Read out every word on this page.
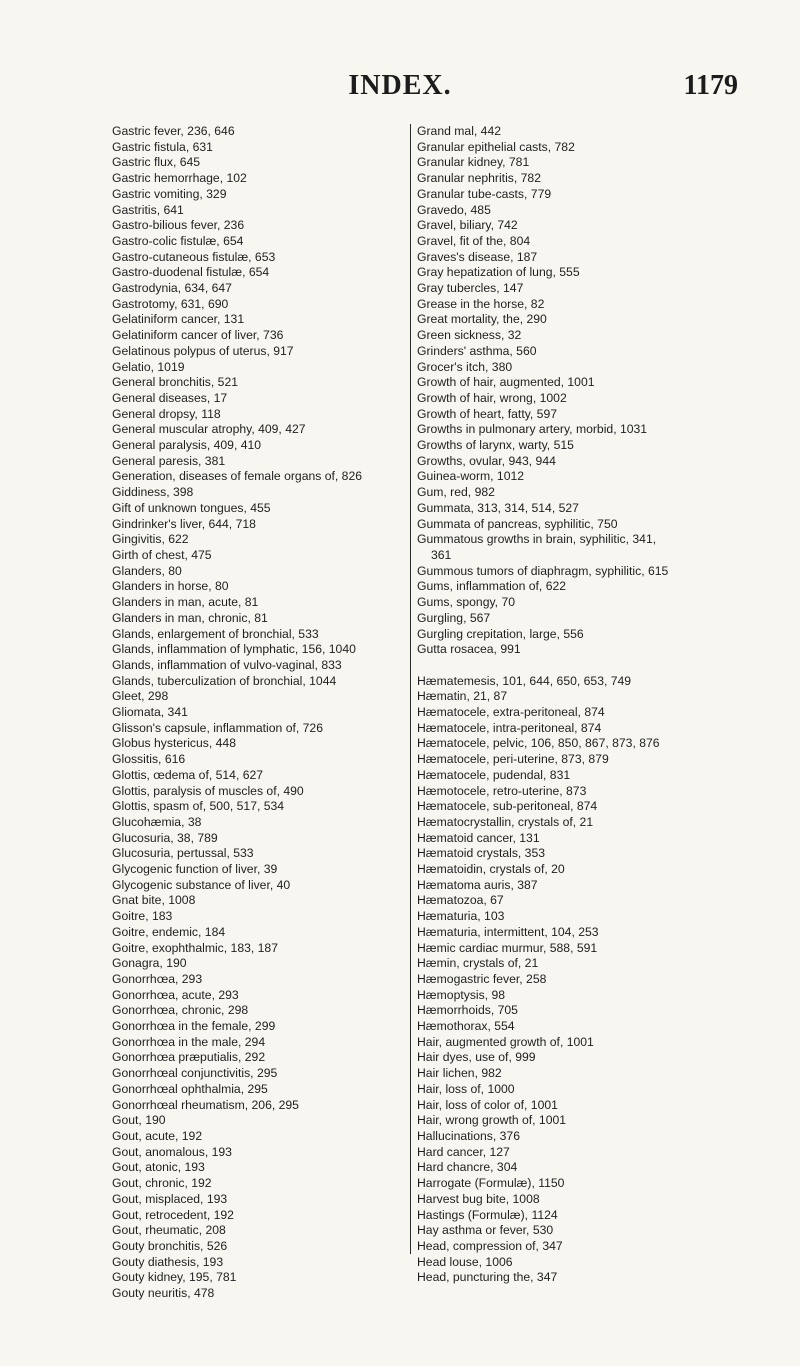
INDEX.	1179
Gastric fever, 236, 646
Gastric fistula, 631
Gastric flux, 645
Gastric hemorrhage, 102
Gastric vomiting, 329
Gastritis, 641
Gastro-bilious fever, 236
Gastro-colic fistulæ, 654
Gastro-cutaneous fistulæ, 653
Gastro-duodenal fistulæ, 654
Gastrodynia, 634, 647
Gastrotomy, 631, 690
Gelatiniform cancer, 131
Gelatiniform cancer of liver, 736
Gelatinous polypus of uterus, 917
Gelatio, 1019
General bronchitis, 521
General diseases, 17
General dropsy, 118
General muscular atrophy, 409, 427
General paralysis, 409, 410
General paresis, 381
Generation, diseases of female organs of, 826
Giddiness, 398
Gift of unknown tongues, 455
Gindrinker's liver, 644, 718
Gingivitis, 622
Girth of chest, 475
Glanders, 80
Glanders in horse, 80
Glanders in man, acute, 81
Glanders in man, chronic, 81
Glands, enlargement of bronchial, 533
Glands, inflammation of lymphatic, 156, 1040
Glands, inflammation of vulvo-vaginal, 833
Glands, tuberculization of bronchial, 1044
Gleet, 298
Gliomata, 341
Glisson's capsule, inflammation of, 726
Globus hystericus, 448
Glossitis, 616
Glottis, œdema of, 514, 627
Glottis, paralysis of muscles of, 490
Glottis, spasm of, 500, 517, 534
Glucohæmia, 38
Glucosuria, 38, 789
Glucosuria, pertussal, 533
Glycogenic function of liver, 39
Glycogenic substance of liver, 40
Gnat bite, 1008
Goitre, 183
Goitre, endemic, 184
Goitre, exophthalmic, 183, 187
Gonagra, 190
Gonorrhœa, 293
Gonorrhœa, acute, 293
Gonorrhœa, chronic, 298
Gonorrhœa in the female, 299
Gonorrhœa in the male, 294
Gonorrhœa præputialis, 292
Gonorrhœal conjunctivitis, 295
Gonorrhœal ophthalmia, 295
Gonorrhœal rheumatism, 206, 295
Gout, 190
Gout, acute, 192
Gout, anomalous, 193
Gout, atonic, 193
Gout, chronic, 192
Gout, misplaced, 193
Gout, retrocedent, 192
Gout, rheumatic, 208
Gouty bronchitis, 526
Gouty diathesis, 193
Gouty kidney, 195, 781
Gouty neuritis, 478
Grand mal, 442
Granular epithelial casts, 782
Granular kidney, 781
Granular nephritis, 782
Granular tube-casts, 779
Gravedo, 485
Gravel, biliary, 742
Gravel, fit of the, 804
Graves's disease, 187
Gray hepatization of lung, 555
Gray tubercles, 147
Grease in the horse, 82
Great mortality, the, 290
Green sickness, 32
Grinders' asthma, 560
Grocer's itch, 380
Growth of hair, augmented, 1001
Growth of hair, wrong, 1002
Growth of heart, fatty, 597
Growths in pulmonary artery, morbid, 1031
Growths of larynx, warty, 515
Growths, ovular, 943, 944
Guinea-worm, 1012
Gum, red, 982
Gummata, 313, 314, 514, 527
Gummata of pancreas, syphilitic, 750
Gummatous growths in brain, syphilitic, 341,
361
Gummous tumors of diaphragm, syphilitic, 615
Gums, inflammation of, 622
Gums, spongy, 70
Gurgling, 567
Gurgling crepitation, large, 556
Gutta rosacea, 991
Hæmatemesis, 101, 644, 650, 653, 749
Hæmatin, 21, 87
Hæmatocele, extra-peritoneal, 874
Hæmatocele, intra-peritoneal, 874
Hæmatocele, pelvic, 106, 850, 867, 873, 876
Hæmatocele, peri-uterine, 873, 879
Hæmatocele, pudendal, 831
Hæmotocele, retro-uterine, 873
Hæmatocele, sub-peritoneal, 874
Hæmatocrystallin, crystals of, 21
Hæmatoid cancer, 131
Hæmatoid crystals, 353
Hæmatoidin, crystals of, 20
Hæmatoma auris, 387
Hæmatozoa, 67
Hæmaturia, 103
Hæmaturia, intermittent, 104, 253
Hæmic cardiac murmur, 588, 591
Hæmin, crystals of, 21
Hæmogastric fever, 258
Hæmoptysis, 98
Hæmorrhoids, 705
Hæmothorax, 554
Hair, augmented growth of, 1001
Hair dyes, use of, 999
Hair lichen, 982
Hair, loss of, 1000
Hair, loss of color of, 1001
Hair, wrong growth of, 1001
Hallucinations, 376
Hard cancer, 127
Hard chancre, 304
Harrogate (Formulæ), 1150
Harvest bug bite, 1008
Hastings (Formulæ), 1124
Hay asthma or fever, 530
Head, compression of, 347
Head louse, 1006
Head, puncturing the, 347
